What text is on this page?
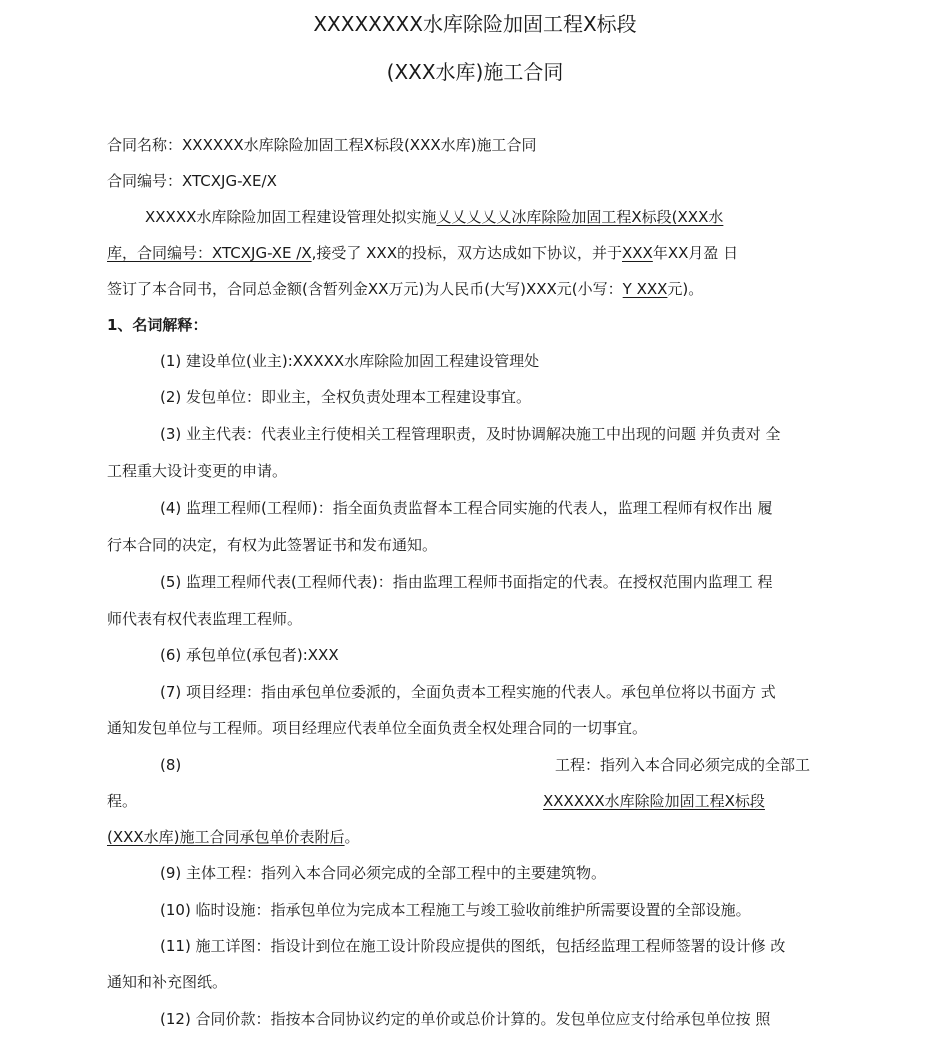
XXXXXXXX水库除险加固工程X标段
(XXX水库)施工合同
合同名称：XXXXXX水库除险加固工程X标段(XXX水库)施工合同
合同编号：XTCXJG-XE/X
XXXXX水库除险加固工程建设管理处拟实施乂乂乂乂乂冰库除险加固工程X标段(XXX水
库，合同编号：XTCXJG-XE /X,接受了 XXX的投标，双方达成如下协议，并于XXX年XX月盈 日
签订了本合同书，合同总金额(含暂列金XX万元)为人民币(大写)XXX元(小写：Y XXX元)。
1、名词解释：
(1) 建设单位(业主):XXXXX水库除险加固工程建设管理处
(2) 发包单位：即业主，全权负责处理本工程建设事宜。
(3) 业主代表：代表业主行使相关工程管理职责，及时协调解决施工中出现的问题 并负责对 全
工程重大设计变更的申请。
(4) 监理工程师(工程师)：指全面负责监督本工程合同实施的代表人，监理工程师有权作出 履
行本合同的决定，有权为此签署证书和发布通知。
(5) 监理工程师代表(工程师代表)：指由监理工程师书面指定的代表。在授权范围内监理工 程
师代表有权代表监理工程师。
(6) 承包单位(承包者):XXX
(7) 项目经理：指由承包单位委派的，全面负责本工程实施的代表人。承包单位将以书面方 式
通知发包单位与工程师。项目经理应代表单位全面负责全权处理合同的一切事宜。
(8)	工程：指列入本合同必须完成的全部工
程。	XXXXXX水库除险加固工程X标段
(XXX水库)施工合同承包单价表附后。
(9) 主体工程：指列入本合同必须完成的全部工程中的主要建筑物。
(10) 临时设施：指承包单位为完成本工程施工与竣工验收前维护所需要设置的全部设施。
(11) 施工详图：指设计到位在施工设计阶段应提供的图纸，包括经监理工程师签署的设计修 改
通知和补充图纸。
(12) 合同价款：指按本合同协议约定的单价或总价计算的。发包单位应支付给承包单位按 照
